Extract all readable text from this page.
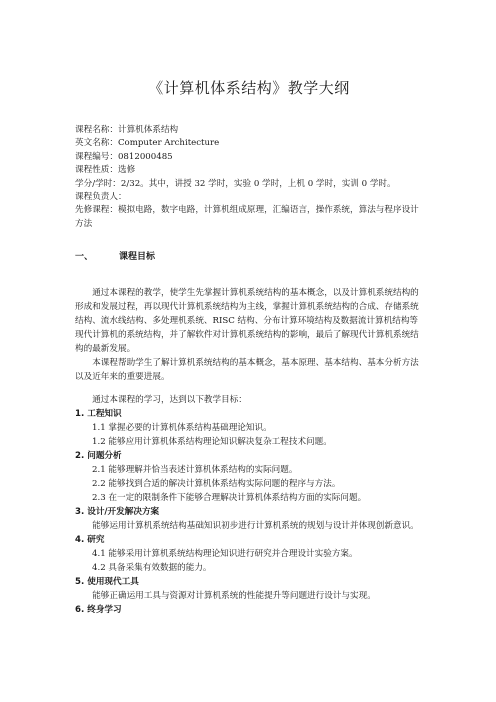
《计算机体系结构》教学大纲
课程名称：计算机体系结构
英文名称：Computer Architecture
课程编号：0812000485
课程性质：选修
学分/学时：2/32。其中，讲授 32 学时，实验 0 学时，上机 0 学时，实训 0 学时。
课程负责人：
先修课程：模拟电路，数字电路，计算机组成原理，汇编语言，操作系统，算法与程序设计方法
一、	课程目标

通过本课程的教学，使学生先掌握计算机系统结构的基本概念，以及计算机系统结构的形成和发展过程，再以现代计算机系统结构为主线，掌握计算机系统结构的合成、存储系统结构、流水线结构、多处理机系统、RISC 结构、分布计算环境结构及数据流计算机结构等现代计算机的系统结构，并了解软件对计算机系统结构的影响，最后了解现代计算机系统结构的最新发展。

本课程帮助学生了解计算机系统结构的基本概念，基本原理、基本结构、基本分析方法以及近年来的重要进展。

通过本课程的学习，达到以下教学目标：

1. 工程知识
1.1 掌握必要的计算机体系结构基础理论知识。
1.2 能够应用计算机体系结构理论知识解决复杂工程技术问题。
2. 问题分析
2.1 能够理解并恰当表述计算机体系结构的实际问题。
2.2 能够找到合适的解决计算机体系结构实际问题的程序与方法。
2.3 在一定的限制条件下能够合理解决计算机体系结构方面的实际问题。
3. 设计/开发解决方案
能够运用计算机系统结构基础知识初步进行计算机系统的规划与设计并体现创新意识。
4. 研究
4.1 能够采用计算机系统结构理论知识进行研究并合理设计实验方案。
4.2 具备采集有效数据的能力。
5. 使用现代工具
能够正确运用工具与资源对计算机系统的性能提升等问题进行设计与实现。
6. 终身学习
